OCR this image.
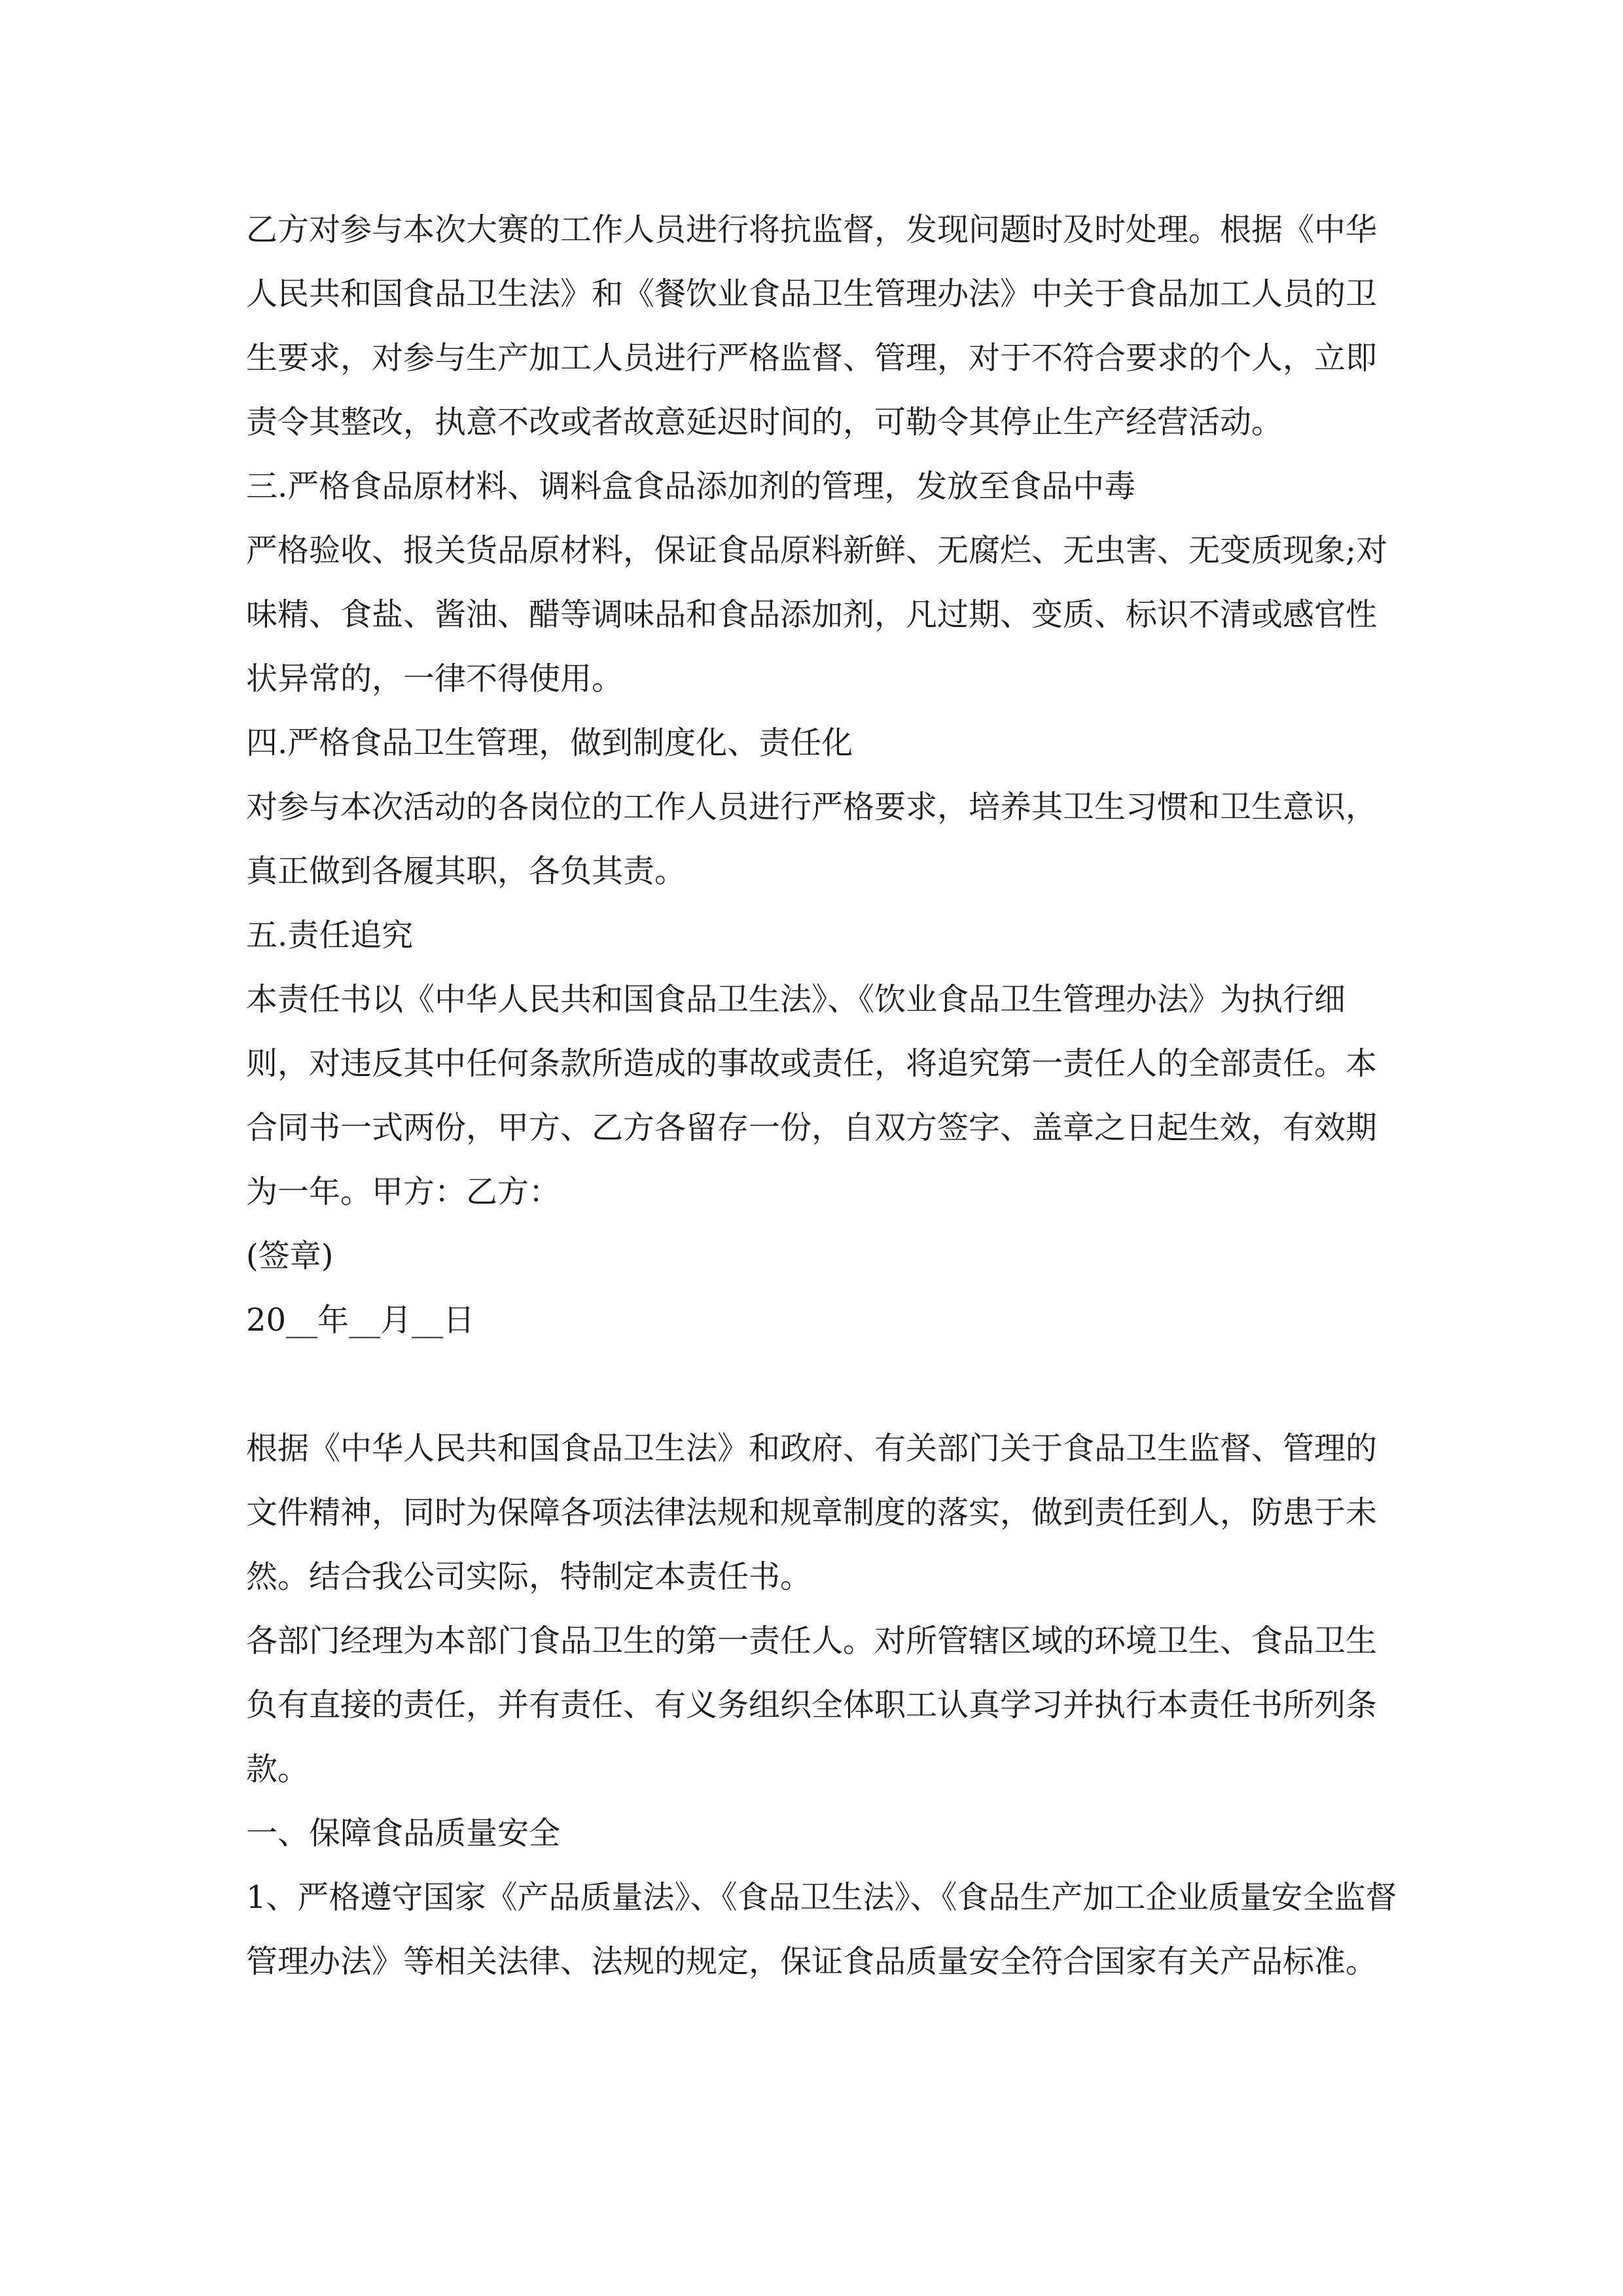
乙方对参与本次大赛的工作人员进行将抗监督，发现问题时及时处理。根据《中华人民共和国食品卫生法》和《餐饮业食品卫生管理办法》中关于食品加工人员的卫生要求，对参与生产加工人员进行严格监督、管理，对于不符合要求的个人，立即责令其整改，执意不改或者故意延迟时间的，可勒令其停止生产经营活动。

三.严格食品原材料、调料盒食品添加剂的管理，发放至食品中毒

严格验收、报关货品原材料，保证食品原料新鲜、无腐烂、无虫害、无变质现象;对味精、食盐、酱油、醋等调味品和食品添加剂，凡过期、变质、标识不清或感官性状异常的，一律不得使用。

四.严格食品卫生管理，做到制度化、责任化

对参与本次活动的各岗位的工作人员进行严格要求，培养其卫生习惯和卫生意识，真正做到各履其职，各负其责。

五.责任追究

本责任书以《中华人民共和国食品卫生法》、《饮业食品卫生管理办法》为执行细则，对违反其中任何条款所造成的事故或责任，将追究第一责任人的全部责任。本合同书一式两份，甲方、乙方各留存一份，自双方签字、盖章之日起生效，有效期为一年。甲方：乙方：

(签章)

20__年__月__日

根据《中华人民共和国食品卫生法》和政府、有关部门关于食品卫生监督、管理的文件精神，同时为保障各项法律法规和规章制度的落实，做到责任到人，防患于未然。结合我公司实际，特制定本责任书。

各部门经理为本部门食品卫生的第一责任人。对所管辖区域的环境卫生、食品卫生负有直接的责任，并有责任、有义务组织全体职工认真学习并执行本责任书所列条款。

一、保障食品质量安全

1、严格遵守国家《产品质量法》、《食品卫生法》、《食品生产加工企业质量安全监督管理办法》等相关法律、法规的规定，保证食品质量安全符合国家有关产品标准。
